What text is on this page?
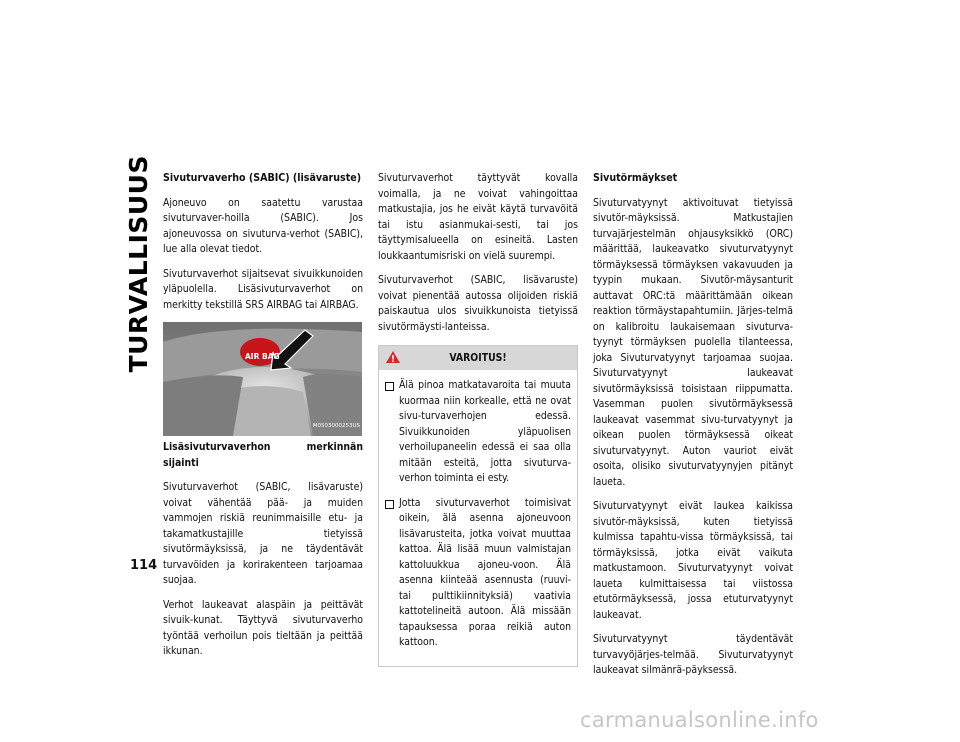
TURVALLISUUS
114
Sivuturvaverho (SABIC) (lisävaruste)

Ajoneuvo on saatettu varustaa sivuturvaver-hoilla (SABIC). Jos ajoneuvossa on sivuturva-verhot (SABIC), lue alla olevat tiedot.

Sivuturvaverhot sijaitsevat sivuikkunoiden yläpuolella. Lisäsivuturvaverhot on merkitty tekstillä SRS AIRBAG tai AIRBAG.

AIR BAG
M0503000253US

Lisäsivuturvaverhon merkinnän sijainti

Sivuturvaverhot (SABIC, lisävaruste) voivat vähentää pää- ja muiden vammojen riskiä reunimmaisille etu- ja takamatkustajille tietyissä sivutörmäyksissä, ja ne täydentävät turvavöiden ja korirakenteen tarjoamaa suojaa.

Verhot laukeavat alaspäin ja peittävät sivuik-kunat. Täyttyvä sivuturvaverho työntää verhoilun pois tieltään ja peittää ikkunan.

Sivuturvaverhot täyttyvät kovalla voimalla, ja ne voivat vahingoittaa matkustajia, jos he eivät käytä turvavöitä tai istu asianmukai-sesti, tai jos täyttymisalueella on esineitä. Lasten loukkaantumisriski on vielä suurempi.

Sivuturvaverhot (SABIC, lisävaruste) voivat pienentää autossa olijoiden riskiä paiskautua ulos sivuikkunoista tietyissä sivutörmäysti-lanteissa.

VAROITUS!
Älä pinoa matkatavaroita tai muuta kuormaa niin korkealle, että ne ovat sivu-turvaverhojen edessä. Sivuikkunoiden yläpuolisen verhoilupaneelin edessä ei saa olla mitään esteitä, jotta sivuturva-verhon toiminta ei esty.
Jotta sivuturvaverhot toimisivat oikein, älä asenna ajoneuvoon lisävarusteita, jotka voivat muuttaa kattoa. Älä lisää muun valmistajan kattoluukkua ajoneu-voon. Älä asenna kiinteää asennusta (ruuvi- tai pulttikiinnityksiä) vaativia kattotelineitä autoon. Älä missään tapauksessa poraa reikiä auton kattoon.
Sivutörmäykset

Sivuturvatyynyt aktivoituvat tietyissä sivutör-mäyksissä. Matkustajien turvajärjestelmän ohjausyksikkö (ORC) määrittää, laukeavatko sivuturvatyynyt törmäyksessä törmäyksen vakavuuden ja tyypin mukaan. Sivutör-mäysanturit auttavat ORC:tä määrittämään oikean reaktion törmäystapahtumiin. Järjes-telmä on kalibroitu laukaisemaan sivuturva-tyynyt törmäyksen puolella tilanteessa, joka Sivuturvatyynyt tarjoamaa suojaa. Sivuturvatyynyt laukeavat sivutörmäyksissä toisistaan riippumatta. Vasemman puolen sivutörmäyksessä laukeavat vasemmat sivu-turvatyynyt ja oikean puolen törmäyksessä oikeat sivuturvatyynyt. Auton vauriot eivät osoita, olisiko sivuturvatyynyjen pitänyt laueta.

Sivuturvatyynyt eivät laukea kaikissa sivutör-mäyksissä, kuten tietyissä kulmissa tapahtu-vissa törmäyksissä, tai törmäyksissä, jotka eivät vaikuta matkustamoon. Sivuturvatyynyt voivat laueta kulmittaisessa tai viistossa etutörmäyksessä, jossa etuturvatyynyt laukeavat.

Sivuturvatyynyt täydentävät turvavyöjärjes-telmää. Sivuturvatyynyt laukeavat silmänrä-päyksessä.

carmanualsonline.info
